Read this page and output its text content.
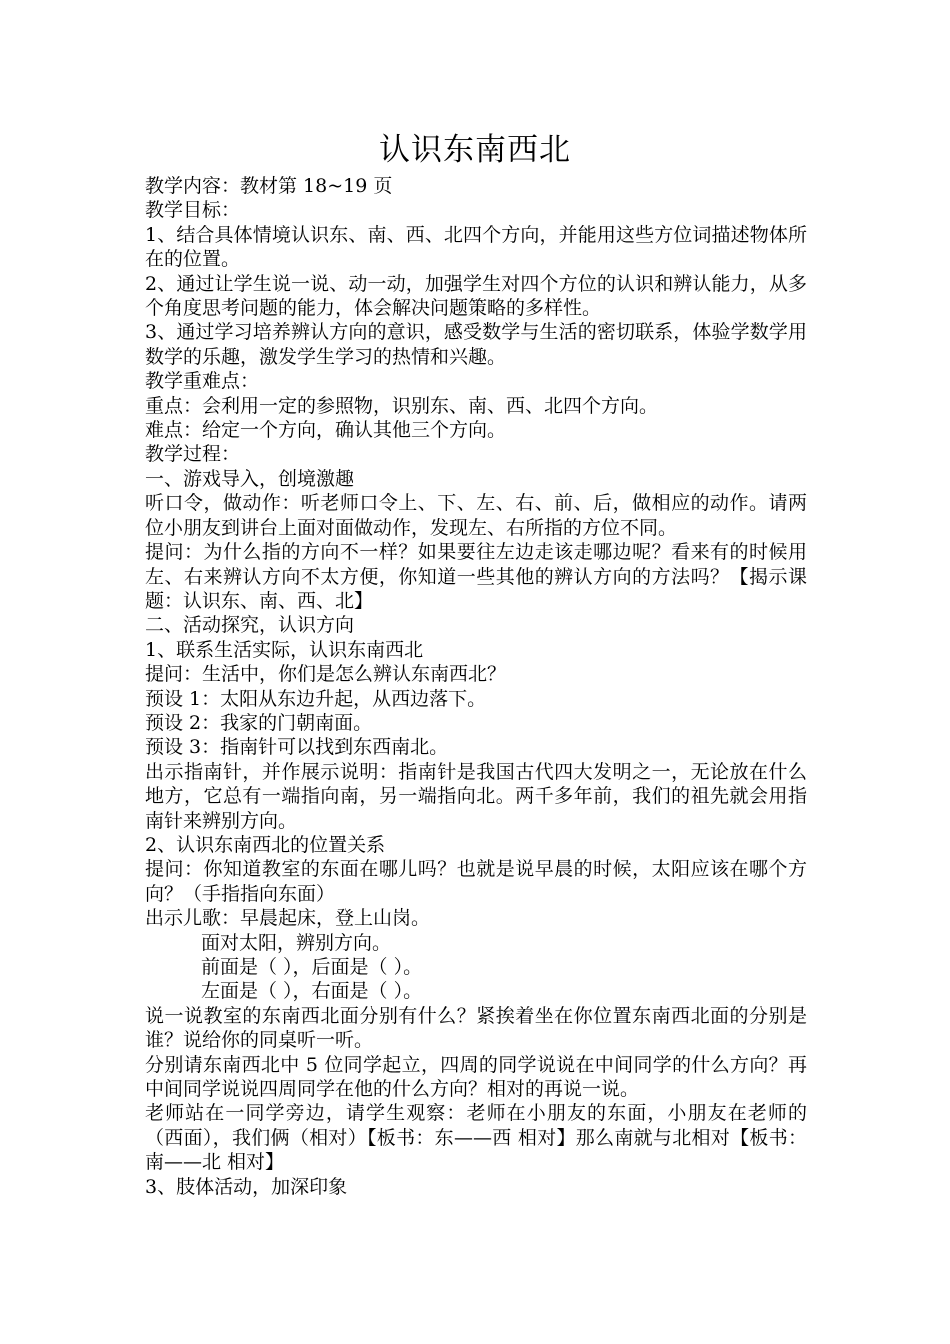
认识东南西北

教学内容：教材第 18~19 页

教学目标：

1、结合具体情境认识东、南、西、北四个方向，并能用这些方位词描述物体所在的位置。

2、通过让学生说一说、动一动，加强学生对四个方位的认识和辨认能力，从多个角度思考问题的能力，体会解决问题策略的多样性。

3、通过学习培养辨认方向的意识，感受数学与生活的密切联系，体验学数学用数学的乐趣，激发学生学习的热情和兴趣。

教学重难点：

重点：会利用一定的参照物，识别东、南、西、北四个方向。

难点：给定一个方向，确认其他三个方向。

教学过程：

一、游戏导入，创境激趣

听口令，做动作：听老师口令上、下、左、右、前、后，做相应的动作。请两位小朋友到讲台上面对面做动作，发现左、右所指的方位不同。

提问：为什么指的方向不一样？如果要往左边走该走哪边呢？看来有的时候用左、右来辨认方向不太方便，你知道一些其他的辨认方向的方法吗？【揭示课题：认识东、南、西、北】

二、活动探究，认识方向

1、联系生活实际，认识东南西北

提问：生活中，你们是怎么辨认东南西北？

预设 1：太阳从东边升起，从西边落下。

预设 2：我家的门朝南面。

预设 3：指南针可以找到东西南北。

出示指南针，并作展示说明：指南针是我国古代四大发明之一，无论放在什么地方，它总有一端指向南，另一端指向北。两千多年前，我们的祖先就会用指南针来辨别方向。

2、认识东南西北的位置关系

提问：你知道教室的东面在哪儿吗？也就是说早晨的时候，太阳应该在哪个方向？（手指指向东面）

出示儿歌：早晨起床，登上山岗。

面对太阳，辨别方向。

前面是（ ），后面是（ ）。

左面是（ ），右面是（ ）。

说一说教室的东南西北面分别有什么？紧挨着坐在你位置东南西北面的分别是谁？说给你的同桌听一听。

分别请东南西北中 5 位同学起立，四周的同学说说在中间同学的什么方向？再中间同学说说四周同学在他的什么方向？相对的再说一说。

老师站在一同学旁边，请学生观察：老师在小朋友的东面，小朋友在老师的（西面），我们俩（相对）【板书：东——西 相对】那么南就与北相对【板书：南——北 相对】

3、肢体活动，加深印象
